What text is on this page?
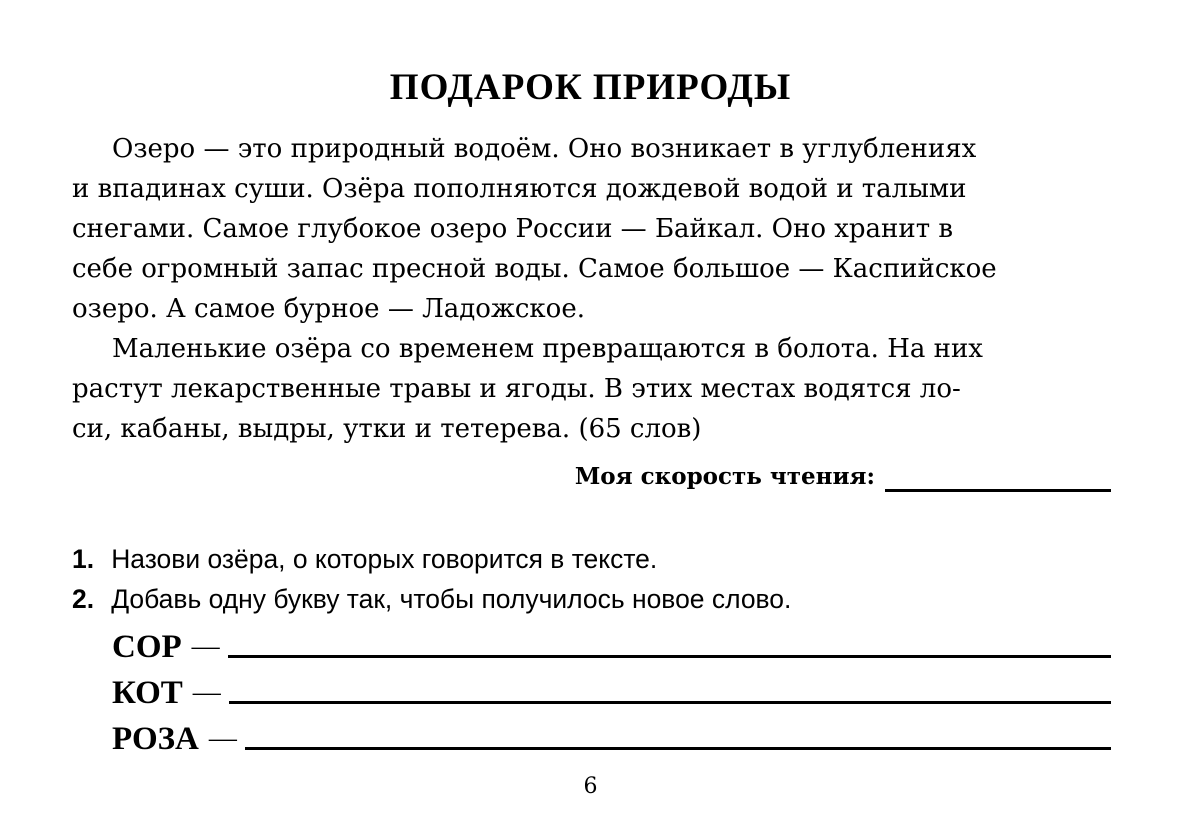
ПОДАРОК ПРИРОДЫ
Озеро — это природный водоём. Оно возникает в углублениях
и впадинах суши. Озёра пополняются дождевой водой и талыми
снегами. Самое глубокое озеро России — Байкал. Оно хранит в
себе огромный запас пресной воды. Самое большое — Каспийское
озеро. А самое бурное — Ладожское.
Маленькие озёра со временем превращаются в болота. На них
растут лекарственные травы и ягоды. В этих местах водятся ло-
си, кабаны, выдры, утки и тетерева. (65 слов)
Моя скорость чтения:
1. Назови озёра, о которых говорится в тексте.
2. Добавь одну букву так, чтобы получилось новое слово.
СОР —
КОТ —
РОЗА —
6
